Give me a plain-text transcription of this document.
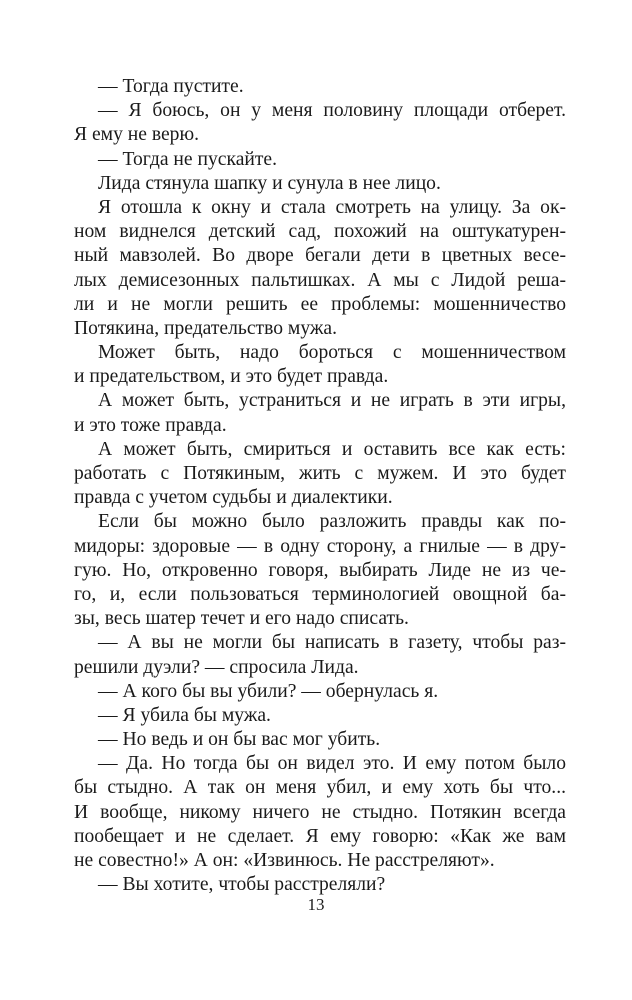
— Тогда пустите.
— Я боюсь, он у меня половину площади отберет.
Я ему не верю.
— Тогда не пускайте.
Лида стянула шапку и сунула в нее лицо.
Я отошла к окну и стала смотреть на улицу. За ок-
ном виднелся детский сад, похожий на оштукатурен-
ный мавзолей. Во дворе бегали дети в цветных весе-
лых демисезонных пальтишках. А мы с Лидой реша-
ли и не могли решить ее проблемы: мошенничество
Потякина, предательство мужа.
Может быть, надо бороться с мошенничеством
и предательством, и это будет правда.
А может быть, устраниться и не играть в эти игры,
и это тоже правда.
А может быть, смириться и оставить все как есть:
работать с Потякиным, жить с мужем. И это будет
правда с учетом судьбы и диалектики.
Если бы можно было разложить правды как по-
мидоры: здоровые — в одну сторону, а гнилые — в дру-
гую. Но, откровенно говоря, выбирать Лиде не из че-
го, и, если пользоваться терминологией овощной ба-
зы, весь шатер течет и его надо списать.
— А вы не могли бы написать в газету, чтобы раз-
решили дуэли? — спросила Лида.
— А кого бы вы убили? — обернулась я.
— Я убила бы мужа.
— Но ведь и он бы вас мог убить.
— Да. Но тогда бы он видел это. И ему потом было
бы стыдно. А так он меня убил, и ему хоть бы что...
И вообще, никому ничего не стыдно. Потякин всегда
пообещает и не сделает. Я ему говорю: «Как же вам
не совестно!» А он: «Извинюсь. Не расстреляют».
— Вы хотите, чтобы расстреляли?
13
